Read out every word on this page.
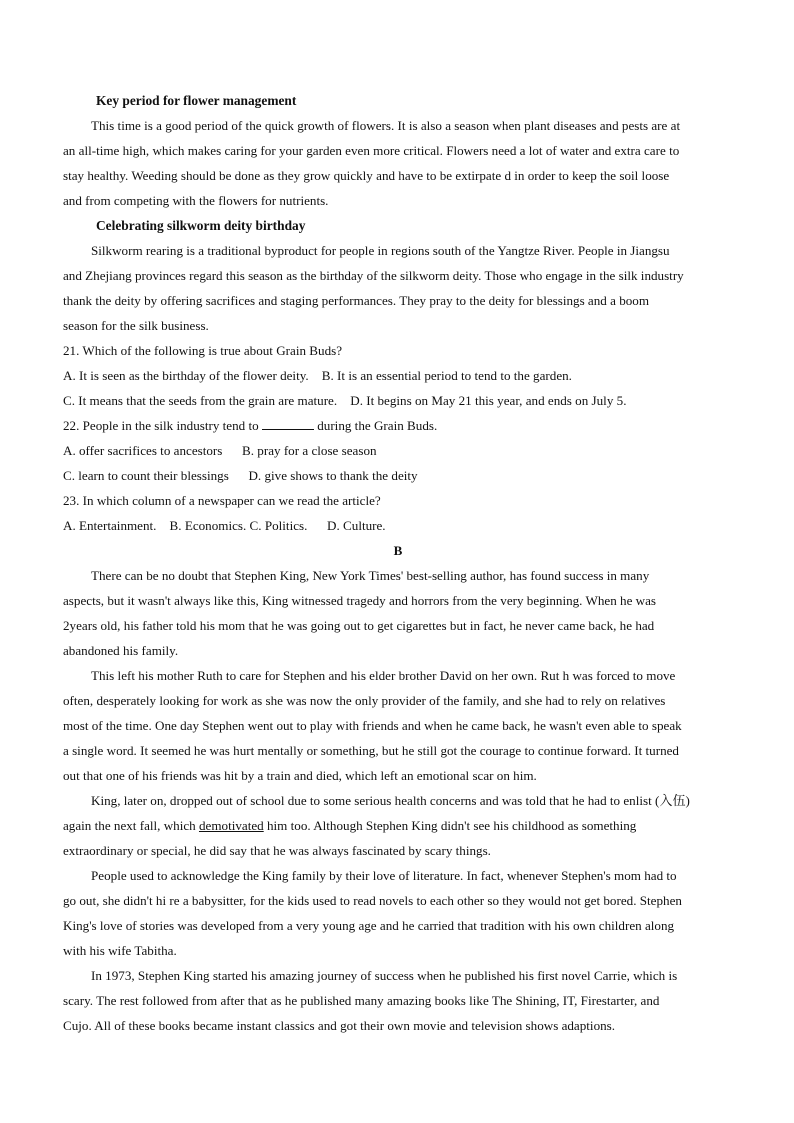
Key period for flower management
This time is a good period of the quick growth of flowers. It is also a season when plant diseases and pests are at
an all-time high, which makes caring for your garden even more critical. Flowers need a lot of water and extra care to
stay healthy. Weeding should be done as they grow quickly and have to be extirpate d in order to keep the soil loose
and from competing with the flowers for nutrients.
Celebrating silkworm deity birthday
Silkworm rearing is a traditional byproduct for people in regions south of the Yangtze River. People in Jiangsu
and Zhejiang provinces regard this season as the birthday of the silkworm deity. Those who engage in the silk industry
thank the deity by offering sacrifices and staging performances. They pray to the deity for blessings and a boom
season for the silk business.
21. Which of the following is true about Grain Buds?
A. It is seen as the birthday of the flower deity.    B. It is an essential period to tend to the garden.
C. It means that the seeds from the grain are mature.    D. It begins on May 21 this year, and ends on July 5.
22. People in the silk industry tend to	during the Grain Buds.
A. offer sacrifices to ancestors      B. pray for a close season
C. learn to count their blessings      D. give shows to thank the deity
23. In which column of a newspaper can we read the article?
A. Entertainment.    B. Economics. C. Politics.      D. Culture.
B
There can be no doubt that Stephen King, New York Times' best-selling author, has found success in many
aspects, but it wasn't always like this, King witnessed tragedy and horrors from the very beginning. When he was
2years old, his father told his mom that he was going out to get cigarettes but in fact, he never came back, he had
abandoned his family.
This left his mother Ruth to care for Stephen and his elder brother David on her own. Rut h was forced to move
often, desperately looking for work as she was now the only provider of the family, and she had to rely on relatives
most of the time. One day Stephen went out to play with friends and when he came back, he wasn't even able to speak
a single word. It seemed he was hurt mentally or something, but he still got the courage to continue forward. It turned
out that one of his friends was hit by a train and died, which left an emotional scar on him.
King, later on, dropped out of school due to some serious health concerns and was told that he had to enlist (入伍)
again the next fall, which demotivated him too. Although Stephen King didn't see his childhood as something
extraordinary or special, he did say that he was always fascinated by scary things.
People used to acknowledge the King family by their love of literature. In fact, whenever Stephen's mom had to
go out, she didn't hi re a babysitter, for the kids used to read novels to each other so they would not get bored. Stephen
King's love of stories was developed from a very young age and he carried that tradition with his own children along
with his wife Tabitha.
In 1973, Stephen King started his amazing journey of success when he published his first novel Carrie, which is
scary. The rest followed from after that as he published many amazing books like The Shining, IT, Firestarter, and
Cujo. All of these books became instant classics and got their own movie and television shows adaptions.
